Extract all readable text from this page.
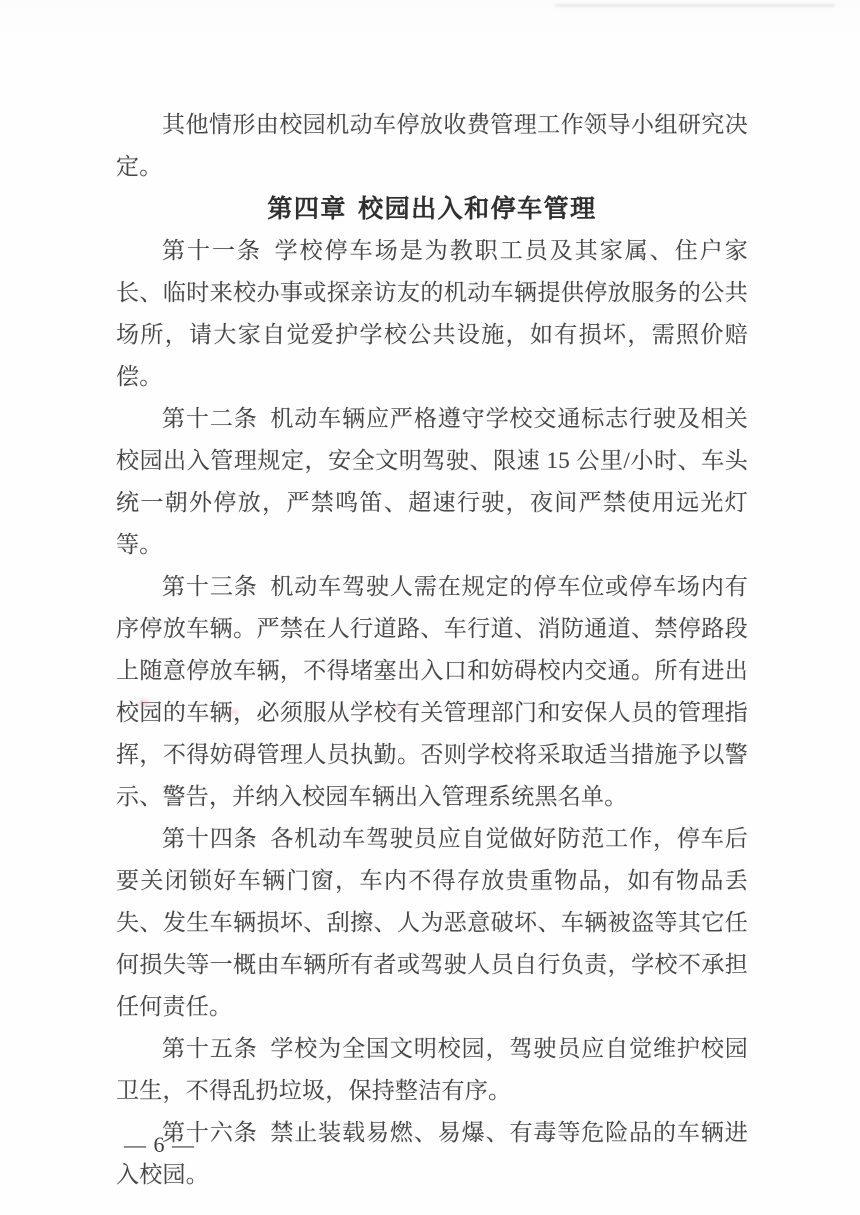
其他情形由校园机动车停放收费管理工作领导小组研究决定。

第四章 校园出入和停车管理

第十一条 学校停车场是为教职工员及其家属、住户家长、临时来校办事或探亲访友的机动车辆提供停放服务的公共场所，请大家自觉爱护学校公共设施，如有损坏，需照价赔偿。

第十二条 机动车辆应严格遵守学校交通标志行驶及相关校园出入管理规定，安全文明驾驶、限速 15 公里/小时、车头统一朝外停放，严禁鸣笛、超速行驶，夜间严禁使用远光灯等。

第十三条 机动车驾驶人需在规定的停车位或停车场内有序停放车辆。严禁在人行道路、车行道、消防通道、禁停路段上随意停放车辆，不得堵塞出入口和妨碍校内交通。所有进出校园的车辆，必须服从学校有关管理部门和安保人员的管理指挥，不得妨碍管理人员执勤。否则学校将采取适当措施予以警示、警告，并纳入校园车辆出入管理系统黑名单。

第十四条 各机动车驾驶员应自觉做好防范工作，停车后要关闭锁好车辆门窗，车内不得存放贵重物品，如有物品丢失、发生车辆损坏、刮擦、人为恶意破坏、车辆被盗等其它任何损失等一概由车辆所有者或驾驶人员自行负责，学校不承担任何责任。

第十五条 学校为全国文明校园，驾驶员应自觉维护校园卫生，不得乱扔垃圾，保持整洁有序。

第十六条 禁止装载易燃、易爆、有毒等危险品的车辆进入校园。

— 6 —
